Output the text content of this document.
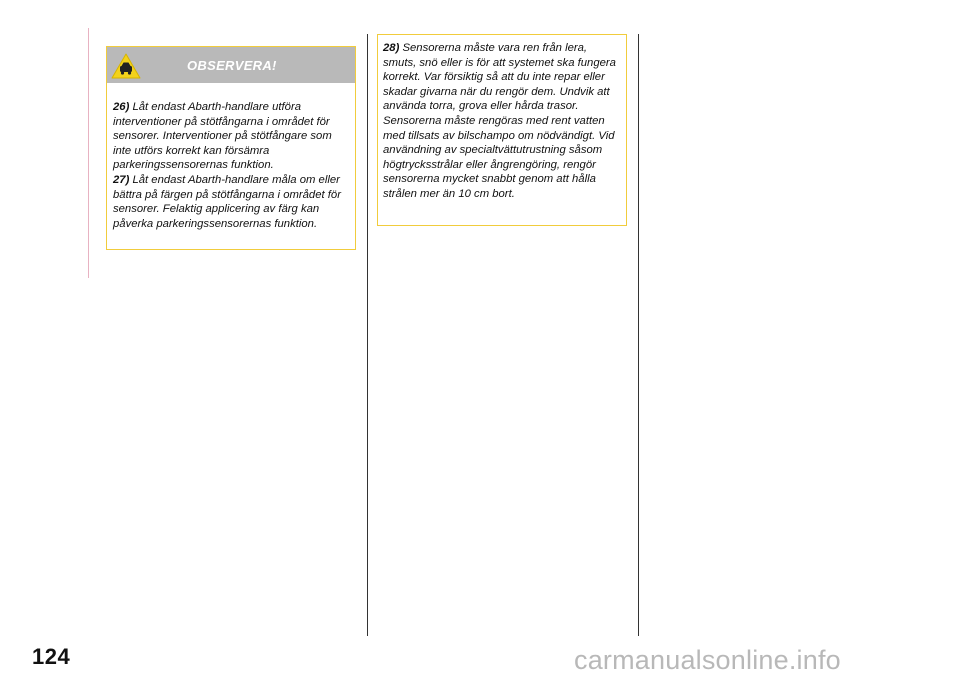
OBSERVERA!
26) Låt endast Abarth-handlare utföra interventioner på stötfångarna i området för sensorer. Interventioner på stötfångare som inte utförs korrekt kan försämra parkeringssensorernas funktion.
27) Låt endast Abarth-handlare måla om eller bättra på färgen på stötfångarna i området för sensorer. Felaktig applicering av färg kan påverka parkeringssensorernas funktion.
28) Sensorerna måste vara ren från lera, smuts, snö eller is för att systemet ska fungera korrekt. Var försiktig så att du inte repar eller skadar givarna när du rengör dem. Undvik att använda torra, grova eller hårda trasor. Sensorerna måste rengöras med rent vatten med tillsats av bilschampo om nödvändigt. Vid användning av specialtvättutrustning såsom högtrycksstrålar eller ångrengöring, rengör sensorerna mycket snabbt genom att hålla strålen mer än 10 cm bort.
124	carmanualsonline.info
